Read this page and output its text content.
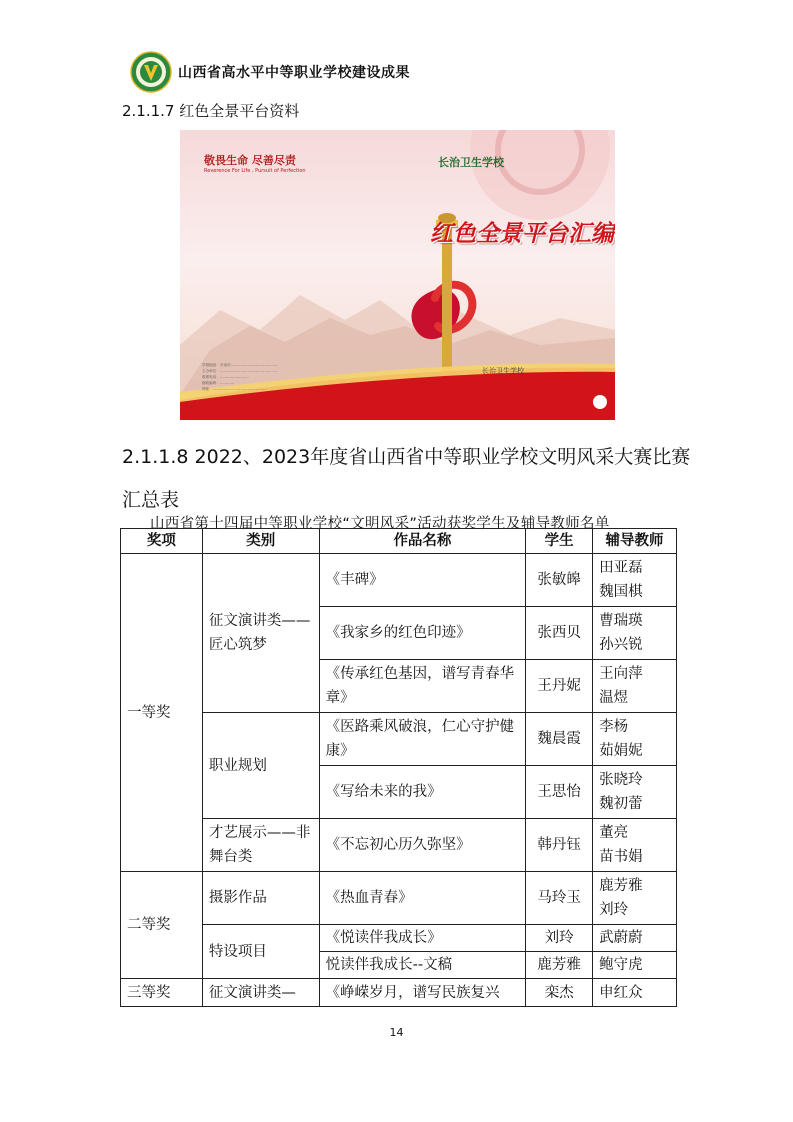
山西省高水平中等职业学校建设成果
2.1.1.7 红色全景平台资料
敬畏生命 尽善尽责
Reverence For Life , Pursuit of Perfection
长治卫生学校
红色全景平台汇编
长治卫生学校
学校地址：长治市…………………………………
主办单位：…………………………………………
联系电话：……………………
邮政编码：…………
网址：………………………………………
2.1.1.8 2022、2023年度省山西省中等职业学校文明风采大赛比赛
汇总表
山西省第十四届中等职业学校“文明风采”活动获奖学生及辅导教师名单
奖项	类别	作品名称	学生	辅导教师
一等奖	征文演讲类——匠心筑梦	《丰碑》	张敏皞	田亚磊
魏国棋
		《我家乡的红色印迹》	张西贝	曹瑞瑛
孙兴锐
		《传承红色基因，谱写青春华章》	王丹妮	王向萍
温煜
	职业规划	《医路乘风破浪，仁心守护健康》	魏晨霞	李杨
茹娟妮
		《写给未来的我》	王思怡	张晓玲
魏初蕾
	才艺展示——非舞台类	《不忘初心历久弥坚》	韩丹钰	董亮
苗书娟
二等奖	摄影作品	《热血青春》	马玲玉	鹿芳雅
刘玲
	特设项目	《悦读伴我成长》	刘玲	武蔚蔚
		悦读伴我成长--文稿	鹿芳雅	鲍守虎
三等奖	征文演讲类—	《峥嵘岁月，谱写民族复兴	栾杰	申红众
14
